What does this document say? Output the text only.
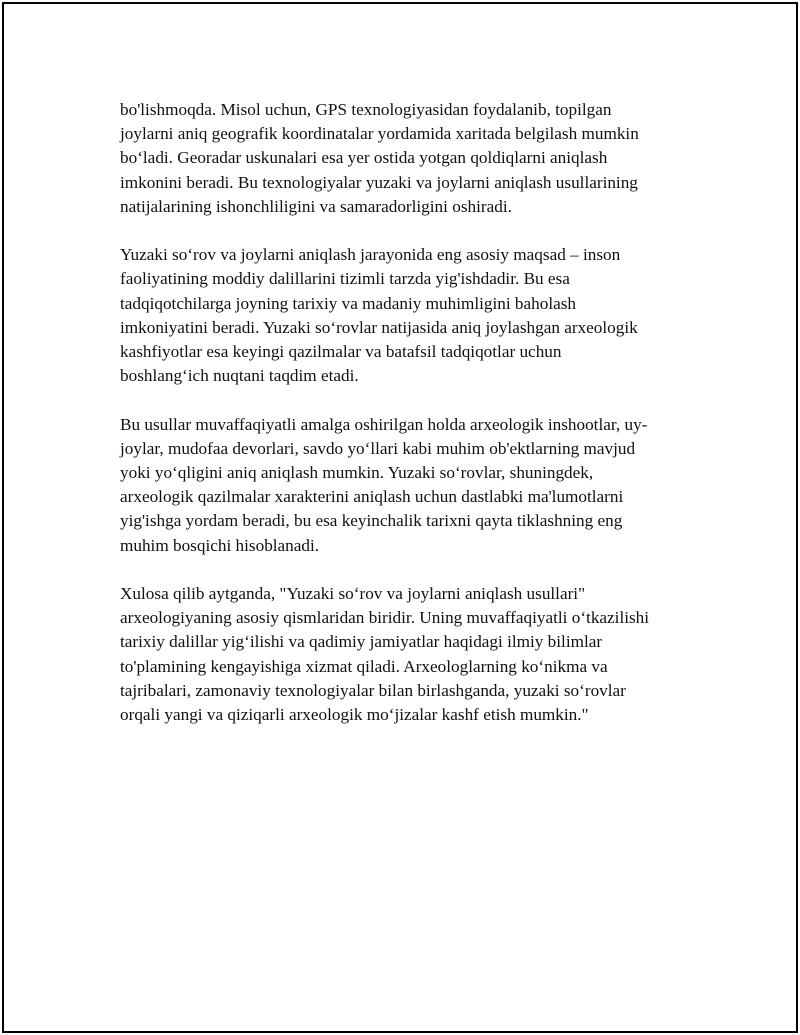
bo'lishmoqda. Misol uchun, GPS texnologiyasidan foydalanib, topilgan
joylarni aniq geografik koordinatalar yordamida xaritada belgilash mumkin
bo‘ladi. Georadar uskunalari esa yer ostida yotgan qoldiqlarni aniqlash
imkonini beradi. Bu texnologiyalar yuzaki va joylarni aniqlash usullarining
natijalarining ishonchliligini va samaradorligini oshiradi.

Yuzaki so‘rov va joylarni aniqlash jarayonida eng asosiy maqsad – inson
faoliyatining moddiy dalillarini tizimli tarzda yig'ishdadir. Bu esa
tadqiqotchilarga joyning tarixiy va madaniy muhimligini baholash
imkoniyatini beradi. Yuzaki so‘rovlar natijasida aniq joylashgan arxeologik
kashfiyotlar esa keyingi qazilmalar va batafsil tadqiqotlar uchun
boshlang‘ich nuqtani taqdim etadi.

Bu usullar muvaffaqiyatli amalga oshirilgan holda arxeologik inshootlar, uy-
joylar, mudofaa devorlari, savdo yo‘llari kabi muhim ob'ektlarning mavjud
yoki yo‘qligini aniq aniqlash mumkin. Yuzaki so‘rovlar, shuningdek,
arxeologik qazilmalar xarakterini aniqlash uchun dastlabki ma'lumotlarni
yig'ishga yordam beradi, bu esa keyinchalik tarixni qayta tiklashning eng
muhim bosqichi hisoblanadi.

Xulosa qilib aytganda, "Yuzaki so‘rov va joylarni aniqlash usullari"
arxeologiyaning asosiy qismlaridan biridir. Uning muvaffaqiyatli o‘tkazilishi
tarixiy dalillar yig‘ilishi va qadimiy jamiyatlar haqidagi ilmiy bilimlar
to'plamining kengayishiga xizmat qiladi. Arxeologlarning ko‘nikma va
tajribalari, zamonaviy texnologiyalar bilan birlashganda, yuzaki so‘rovlar
orqali yangi va qiziqarli arxeologik mo‘jizalar kashf etish mumkin."
